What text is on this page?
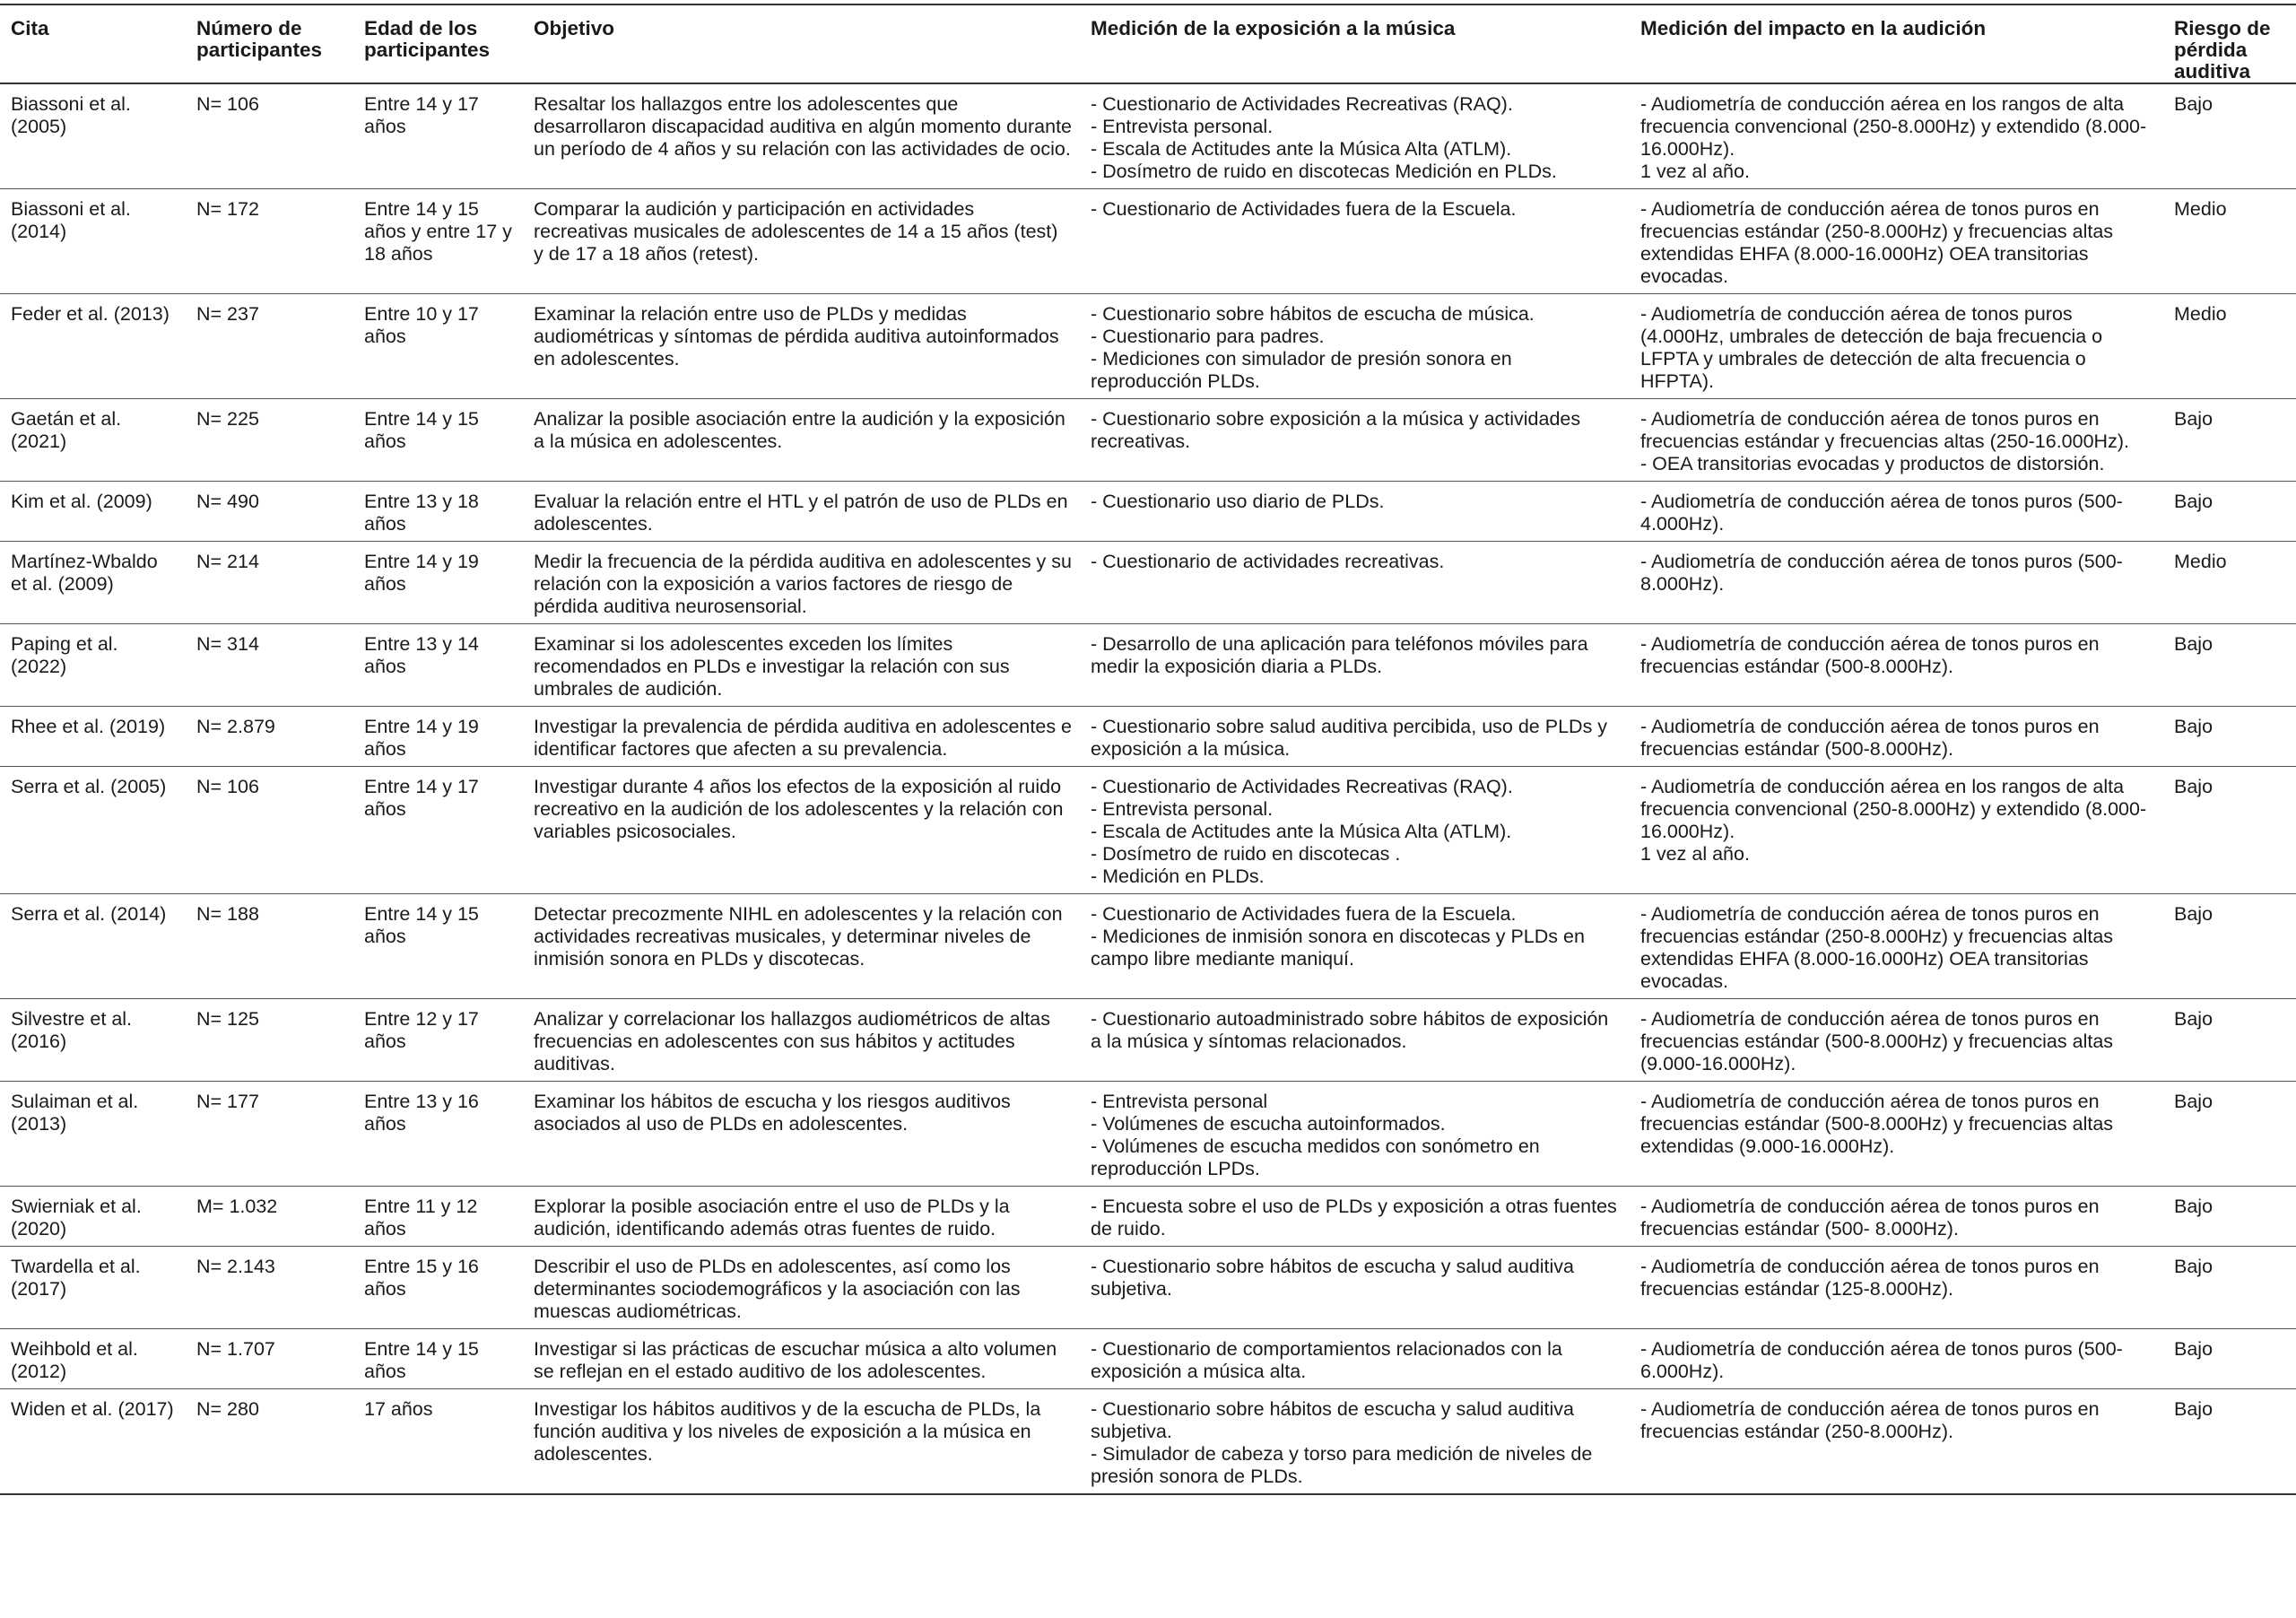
Cita	Número de participantes	Edad de los participantes	Objetivo	Medición de la exposición a la música	Medición del impacto en la audición	Riesgo de pérdida auditiva
Biassoni et al. (2005)	N= 106	Entre 14 y 17 años	Resaltar los hallazgos entre los adolescentes que desarrollaron discapacidad auditiva en algún momento durante un período de 4 años y su relación con las actividades de ocio.	- Cuestionario de Actividades Recreativas (RAQ).
- Entrevista personal.
- Escala de Actitudes ante la Música Alta (ATLM).
- Dosímetro de ruido en discotecas Medición en PLDs.	- Audiometría de conducción aérea en los rangos de alta frecuencia convencional (250-8.000Hz) y extendido (8.000-16.000Hz).
1 vez al año.	Bajo
Biassoni et al. (2014)	N= 172	Entre 14 y 15 años y entre 17 y 18 años	Comparar la audición y participación en actividades recreativas musicales de adolescentes de 14 a 15 años (test) y de 17 a 18 años (retest).	- Cuestionario de Actividades fuera de la Escuela.	- Audiometría de conducción aérea de tonos puros en frecuencias estándar (250-8.000Hz) y frecuencias altas extendidas EHFA (8.000-16.000Hz) OEA transitorias evocadas.	Medio
Feder et al. (2013)	N= 237	Entre 10 y 17 años	Examinar la relación entre uso de PLDs y medidas audiométricas y síntomas de pérdida auditiva autoinformados en adolescentes.	- Cuestionario sobre hábitos de escucha de música.
- Cuestionario para padres.
- Mediciones con simulador de presión sonora en reproducción PLDs.	- Audiometría de conducción aérea de tonos puros (4.000Hz, umbrales de detección de baja frecuencia o LFPTA y umbrales de detección de alta frecuencia o HFPTA).	Medio
Gaetán et al. (2021)	N= 225	Entre 14 y 15 años	Analizar la posible asociación entre la audición y la exposición a la música en adolescentes.	- Cuestionario sobre exposición a la música y actividades recreativas.	- Audiometría de conducción aérea de tonos puros en frecuencias estándar y frecuencias altas (250-16.000Hz).
- OEA transitorias evocadas y productos de distorsión.	Bajo
Kim et al. (2009)	N= 490	Entre 13 y 18 años	Evaluar la relación entre el HTL y el patrón de uso de PLDs en adolescentes.	- Cuestionario uso diario de PLDs.	- Audiometría de conducción aérea de tonos puros (500-4.000Hz).	Bajo
Martínez-Wbaldo et al. (2009)	N= 214	Entre 14 y 19 años	Medir la frecuencia de la pérdida auditiva en adolescentes y su relación con la exposición a varios factores de riesgo de pérdida auditiva neurosensorial.	- Cuestionario de actividades recreativas.	- Audiometría de conducción aérea de tonos puros (500-8.000Hz).	Medio
Paping et al. (2022)	N= 314	Entre 13 y 14 años	Examinar si los adolescentes exceden los límites recomendados en PLDs e investigar la relación con sus umbrales de audición.	- Desarrollo de una aplicación para teléfonos móviles para medir la exposición diaria a PLDs.	- Audiometría de conducción aérea de tonos puros en frecuencias estándar (500-8.000Hz).	Bajo
Rhee et al. (2019)	N= 2.879	Entre 14 y 19 años	Investigar la prevalencia de pérdida auditiva en adolescentes e identificar factores que afecten a su prevalencia.	- Cuestionario sobre salud auditiva percibida, uso de PLDs y exposición a la música.	- Audiometría de conducción aérea de tonos puros en frecuencias estándar (500-8.000Hz).	Bajo
Serra et al. (2005)	N= 106	Entre 14 y 17 años	Investigar durante 4 años los efectos de la exposición al ruido recreativo en la audición de los adolescentes y la relación con variables psicosociales.	- Cuestionario de Actividades Recreativas (RAQ).
- Entrevista personal.
- Escala de Actitudes ante la Música Alta (ATLM).
- Dosímetro de ruido en discotecas .
- Medición en PLDs.	- Audiometría de conducción aérea en los rangos de alta frecuencia convencional (250-8.000Hz) y extendido (8.000-16.000Hz).
1 vez al año.	Bajo
Serra et al. (2014)	N= 188	Entre 14 y 15 años	Detectar precozmente NIHL en adolescentes y la relación con actividades recreativas musicales, y determinar niveles de inmisión sonora en PLDs y discotecas.	- Cuestionario de Actividades fuera de la Escuela.
- Mediciones de inmisión sonora en discotecas y PLDs en campo libre mediante maniquí.	- Audiometría de conducción aérea de tonos puros en frecuencias estándar (250-8.000Hz) y frecuencias altas extendidas EHFA (8.000-16.000Hz) OEA transitorias evocadas.	Bajo
Silvestre et al. (2016)	N= 125	Entre 12 y 17 años	Analizar y correlacionar los hallazgos audiométricos de altas frecuencias en adolescentes con sus hábitos y actitudes auditivas.	- Cuestionario autoadministrado sobre hábitos de exposición a la música y síntomas relacionados.	- Audiometría de conducción aérea de tonos puros en frecuencias estándar (500-8.000Hz) y frecuencias altas (9.000-16.000Hz).	Bajo
Sulaiman et al. (2013)	N= 177	Entre 13 y 16 años	Examinar los hábitos de escucha y los riesgos auditivos asociados al uso de PLDs en adolescentes.	- Entrevista personal
- Volúmenes de escucha autoinformados.
- Volúmenes de escucha medidos con sonómetro en reproducción LPDs.	- Audiometría de conducción aérea de tonos puros en frecuencias estándar (500-8.000Hz) y frecuencias altas extendidas (9.000-16.000Hz).	Bajo
Swierniak et al. (2020)	M= 1.032	Entre 11 y 12 años	Explorar la posible asociación entre el uso de PLDs y la audición, identificando además otras fuentes de ruido.	- Encuesta sobre el uso de PLDs y exposición a otras fuentes de ruido.	- Audiometría de conducción aérea de tonos puros en frecuencias estándar (500- 8.000Hz).	Bajo
Twardella et al. (2017)	N= 2.143	Entre 15 y 16 años	Describir el uso de PLDs en adolescentes, así como los determinantes sociodemográficos y la asociación con las muescas audiométricas.	- Cuestionario sobre hábitos de escucha y salud auditiva subjetiva.	- Audiometría de conducción aérea de tonos puros en frecuencias estándar (125-8.000Hz).	Bajo
Weihbold et al. (2012)	N= 1.707	Entre 14 y 15 años	Investigar si las prácticas de escuchar música a alto volumen se reflejan en el estado auditivo de los adolescentes.	- Cuestionario de comportamientos relacionados con la exposición a música alta.	- Audiometría de conducción aérea de tonos puros (500-6.000Hz).	Bajo
Widen et al. (2017)	N= 280	17 años	Investigar los hábitos auditivos y de la escucha de PLDs, la función auditiva y los niveles de exposición a la música en adolescentes.	- Cuestionario sobre hábitos de escucha y salud auditiva subjetiva.
- Simulador de cabeza y torso para medición de niveles de presión sonora de PLDs.	- Audiometría de conducción aérea de tonos puros en frecuencias estándar (250-8.000Hz).	Bajo
